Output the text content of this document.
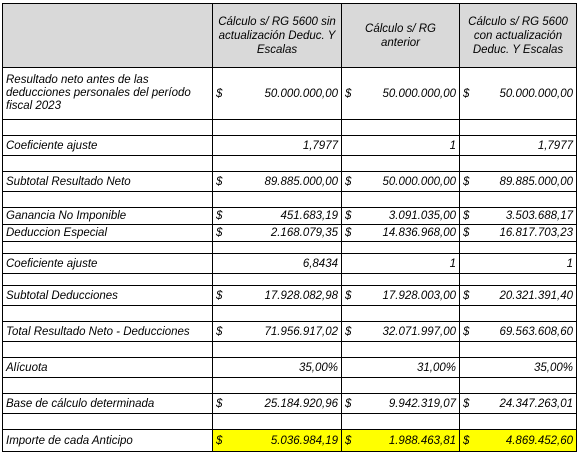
	Cálculo s/ RG 5600 sin actualización Deduc. Y Escalas	Cálculo s/ RG anterior	Cálculo s/ RG 5600 con actualización Deduc. Y Escalas
Resultado neto antes de las deducciones personales del período fiscal 2023	$ 50.000.000,00	$ 50.000.000,00	$ 50.000.000,00

Coeficiente ajuste	1,7977	1	1,7977

Subtotal Resultado Neto	$ 89.885.000,00	$ 50.000.000,00	$ 89.885.000,00

Ganancia No Imponible	$ 451.683,19	$ 3.091.035,00	$ 3.503.688,17

Deduccion Especial	$ 2.168.079,35	$ 14.836.968,00	$ 16.817.703,23

Coeficiente ajuste	6,8434	1	1

Subtotal Deducciones	$ 17.928.082,98	$ 17.928.003,00	$ 20.321.391,40

Total Resultado Neto - Deducciones	$ 71.956.917,02	$ 32.071.997,00	$ 69.563.608,60

Alícuota	35,00%	31,00%	35,00%

Base de cálculo determinada	$ 25.184.920,96	$ 9.942.319,07	$ 24.347.263,01

Importe de cada Anticipo	$ 5.036.984,19	$ 1.988.463,81	$ 4.869.452,60
